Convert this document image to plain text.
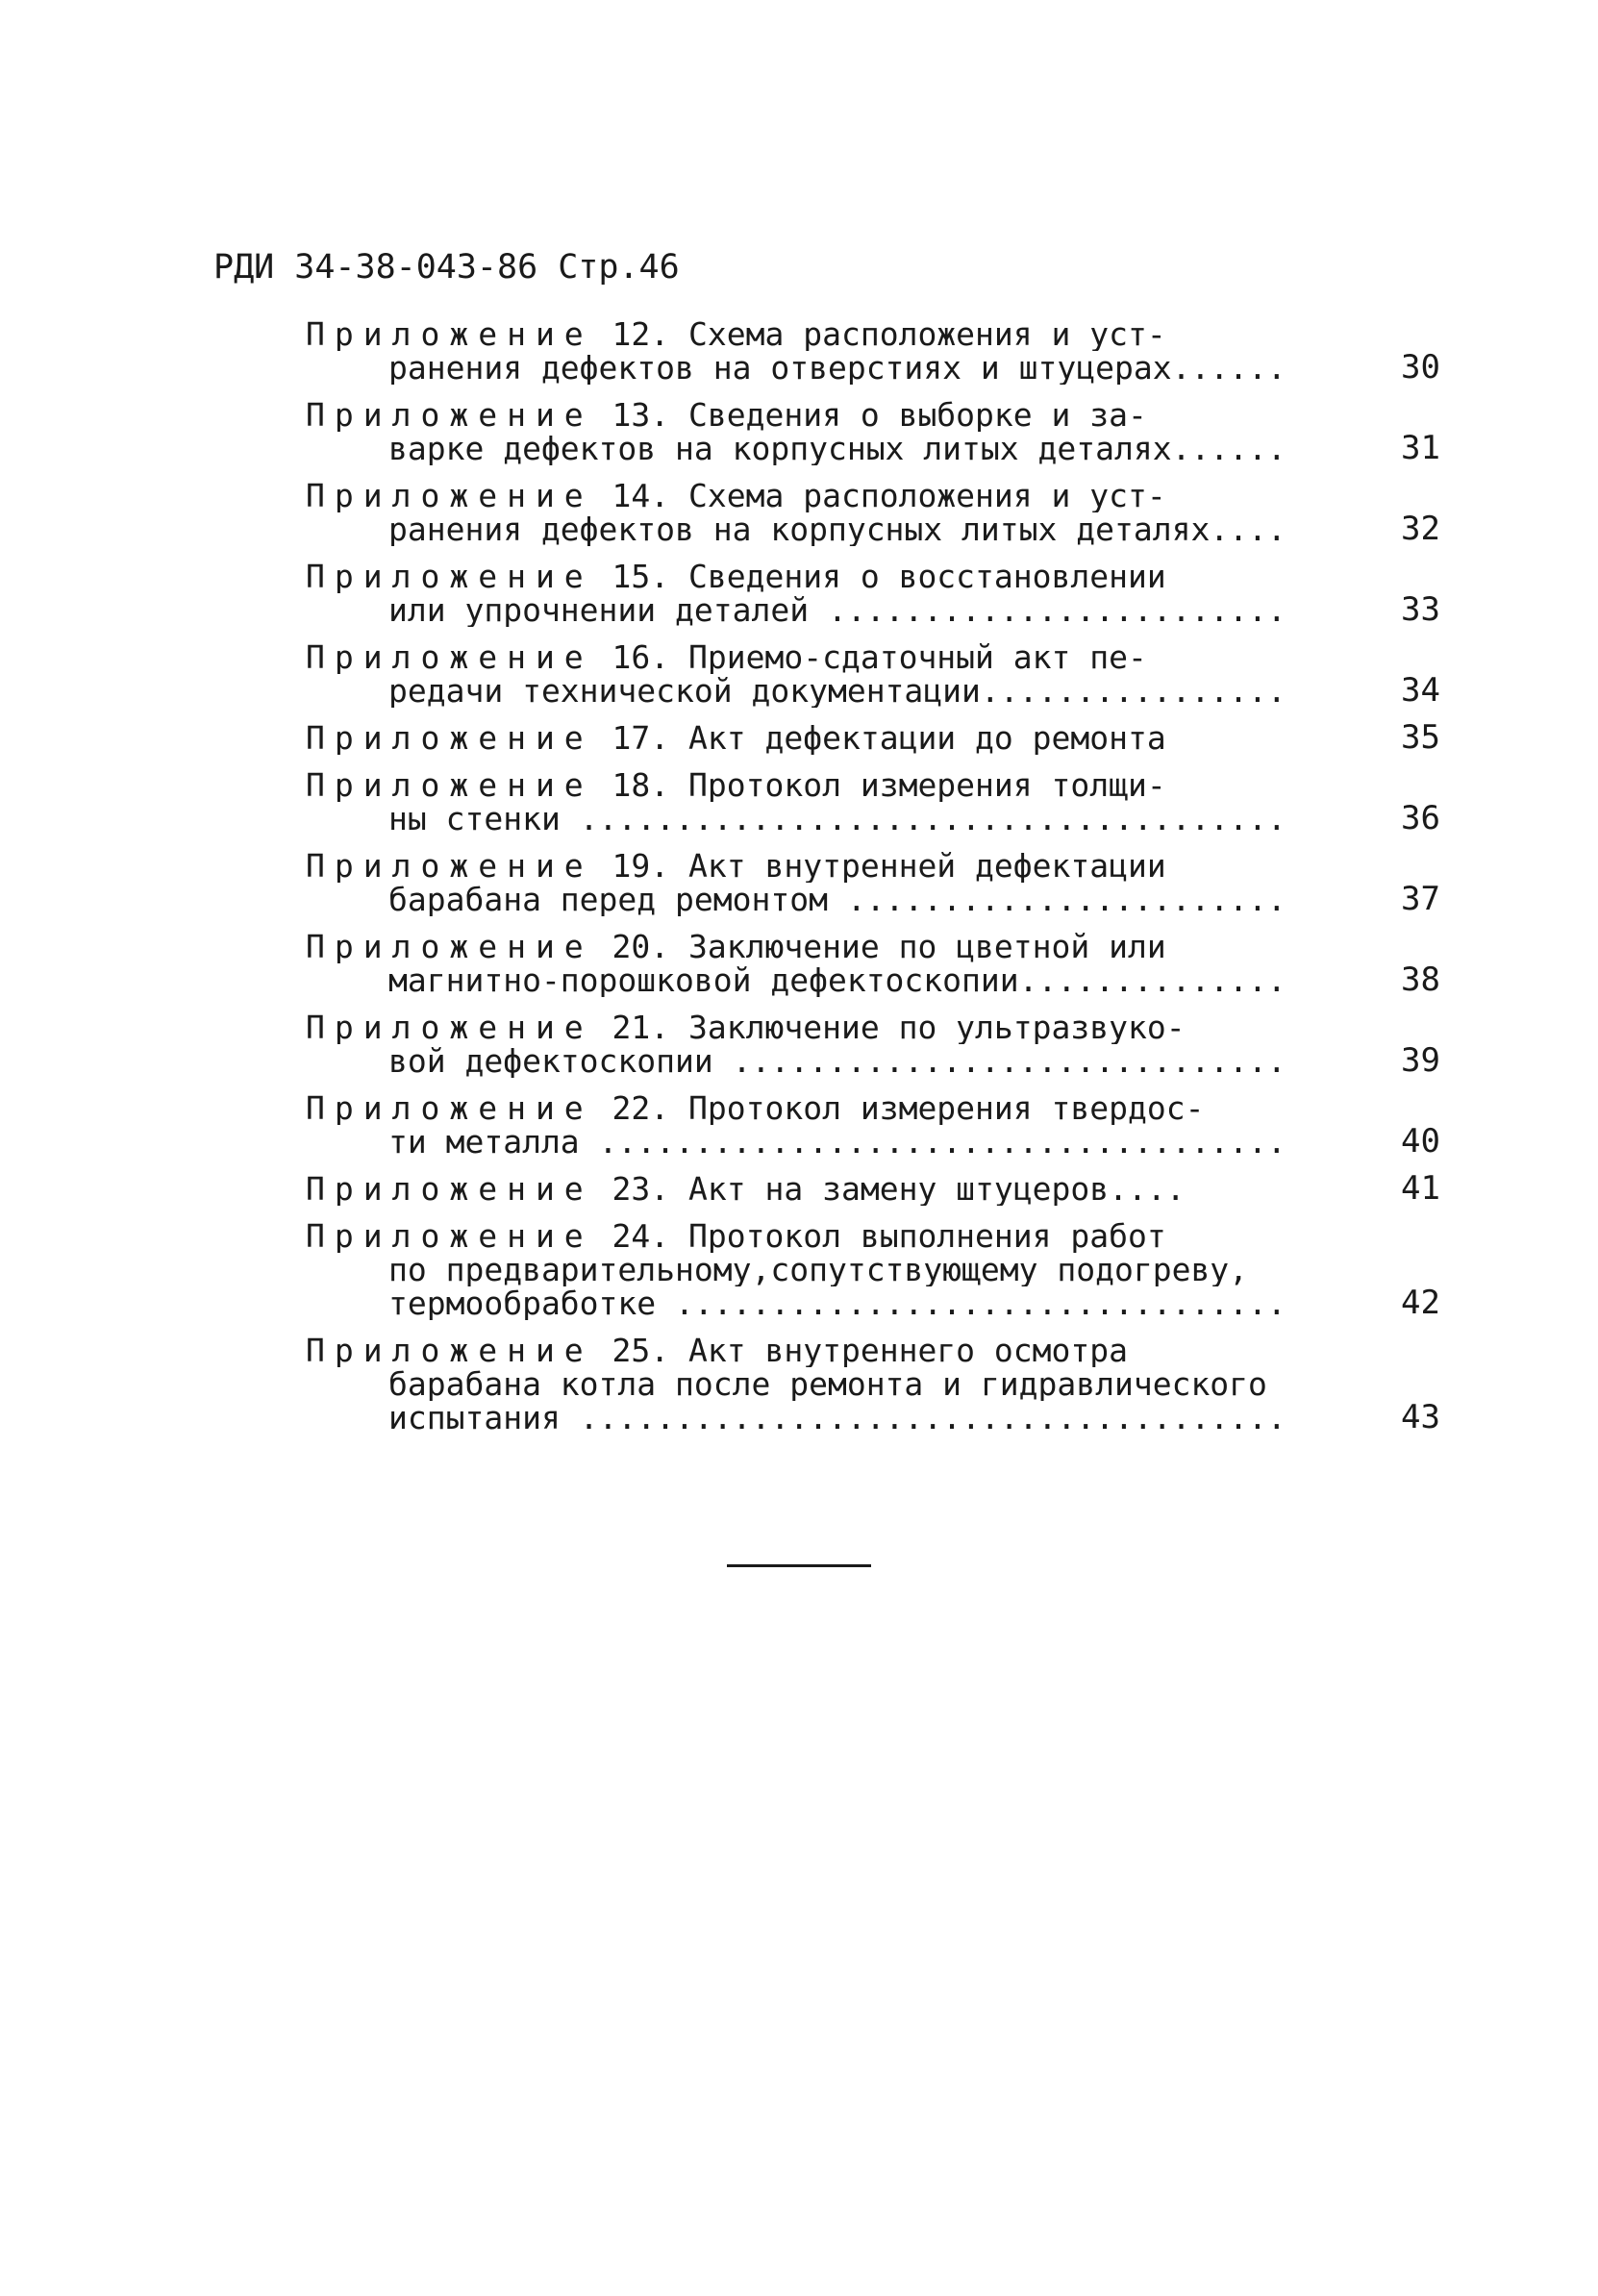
РДИ 34-38-043-86 Стр.46
Приложение 12. Схема расположения и уст-
ранения дефектов на отверстиях и штуцерах......	30
Приложение 13. Сведения о выборке и за-
варке дефектов на корпусных литых деталях......	31
Приложение 14. Схема расположения и уст-
ранения дефектов на корпусных литых деталях....	32
Приложение 15. Сведения о восстановлении
или упрочнении деталей ........................	33
Приложение 16. Приемо-сдаточный акт пе-
редачи технической документации................	34
Приложение 17. Акт дефектации до ремонта	35
Приложение 18. Протокол измерения толщи-
ны стенки .....................................	36
Приложение 19. Акт внутренней дефектации
барабана перед ремонтом .......................	37
Приложение 20. Заключение по цветной или
магнитно-порошковой дефектоскопии..............	38
Приложение 21. Заключение по ультразвуко-
вой дефектоскопии .............................	39
Приложение 22. Протокол измерения твердос-
ти металла ....................................	40
Приложение 23. Акт на замену штуцеров....	41
Приложение 24. Протокол выполнения работ
по предварительному,сопутствующему подогреву,
термообработке ................................	42
Приложение 25. Акт внутреннего осмотра
барабана котла после ремонта и гидравлического
испытания .....................................	43
